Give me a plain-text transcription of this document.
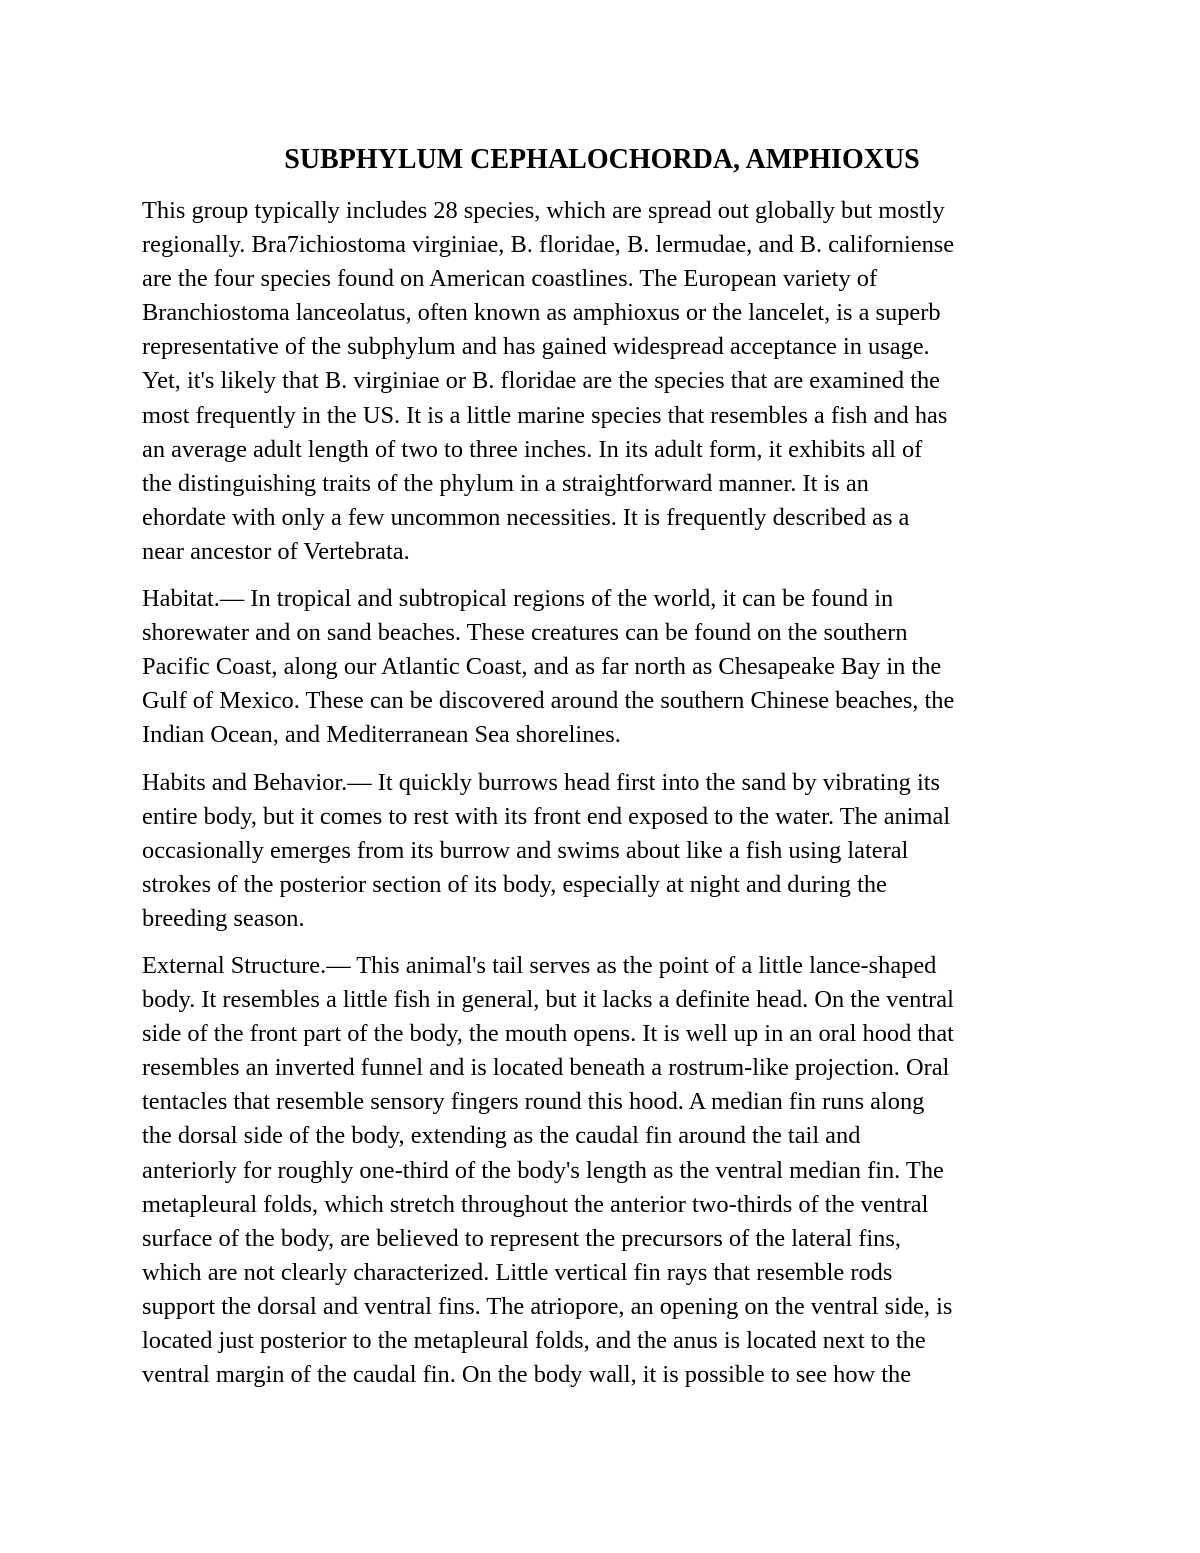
SUBPHYLUM CEPHALOCHORDA, AMPHIOXUS
This group typically includes 28 species, which are spread out globally but mostly
regionally. Bra7ichiostoma virginiae, B. floridae, B. lermudae, and B. californiense
are the four species found on American coastlines. The European variety of
Branchiostoma lanceolatus, often known as amphioxus or the lancelet, is a superb
representative of the subphylum and has gained widespread acceptance in usage.
Yet, it's likely that B. virginiae or B. floridae are the species that are examined the
most frequently in the US. It is a little marine species that resembles a fish and has
an average adult length of two to three inches. In its adult form, it exhibits all of
the distinguishing traits of the phylum in a straightforward manner. It is an
ehordate with only a few uncommon necessities. It is frequently described as a
near ancestor of Vertebrata.
Habitat.— In tropical and subtropical regions of the world, it can be found in
shorewater and on sand beaches. These creatures can be found on the southern
Pacific Coast, along our Atlantic Coast, and as far north as Chesapeake Bay in the
Gulf of Mexico. These can be discovered around the southern Chinese beaches, the
Indian Ocean, and Mediterranean Sea shorelines.
Habits and Behavior.— It quickly burrows head first into the sand by vibrating its
entire body, but it comes to rest with its front end exposed to the water. The animal
occasionally emerges from its burrow and swims about like a fish using lateral
strokes of the posterior section of its body, especially at night and during the
breeding season.
External Structure.— This animal's tail serves as the point of a little lance-shaped
body. It resembles a little fish in general, but it lacks a definite head. On the ventral
side of the front part of the body, the mouth opens. It is well up in an oral hood that
resembles an inverted funnel and is located beneath a rostrum-like projection. Oral
tentacles that resemble sensory fingers round this hood. A median fin runs along
the dorsal side of the body, extending as the caudal fin around the tail and
anteriorly for roughly one-third of the body's length as the ventral median fin. The
metapleural folds, which stretch throughout the anterior two-thirds of the ventral
surface of the body, are believed to represent the precursors of the lateral fins,
which are not clearly characterized. Little vertical fin rays that resemble rods
support the dorsal and ventral fins. The atriopore, an opening on the ventral side, is
located just posterior to the metapleural folds, and the anus is located next to the
ventral margin of the caudal fin. On the body wall, it is possible to see how the
